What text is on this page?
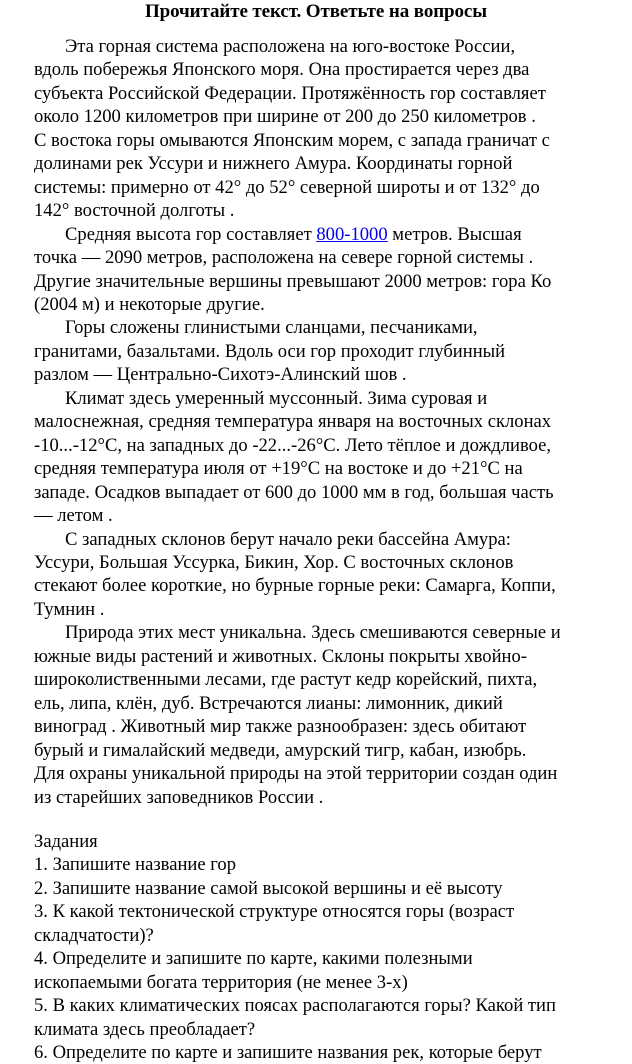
Прочитайте текст. Ответьте на вопросы

Эта горная система расположена на юго-востоке России,
вдоль побережья Японского моря. Она простирается через два
субъекта Российской Федерации. Протяжённость гор составляет
около 1200 километров при ширине от 200 до 250 километров .
С востока горы омываются Японским морем, с запада граничат с
долинами рек Уссури и нижнего Амура. Координаты горной
системы: примерно от 42° до 52° северной широты и от 132° до
142° восточной долготы .

Средняя высота гор составляет 800-1000 метров. Высшая
точка — 2090 метров, расположена на севере горной системы .
Другие значительные вершины превышают 2000 метров: гора Ко
(2004 м) и некоторые другие.

Горы сложены глинистыми сланцами, песчаниками,
гранитами, базальтами. Вдоль оси гор проходит глубинный
разлом — Центрально-Сихотэ-Алинский шов .

Климат здесь умеренный муссонный. Зима суровая и
малоснежная, средняя температура января на восточных склонах
-10...-12°C, на западных до -22...-26°C. Лето тёплое и дождливое,
средняя температура июля от +19°C на востоке и до +21°C на
западе. Осадков выпадает от 600 до 1000 мм в год, большая часть
— летом .

С западных склонов берут начало реки бассейна Амура:
Уссури, Большая Уссурка, Бикин, Хор. С восточных склонов
стекают более короткие, но бурные горные реки: Самарга, Коппи,
Тумнин .

Природа этих мест уникальна. Здесь смешиваются северные и
южные виды растений и животных. Склоны покрыты хвойно-
широколиственными лесами, где растут кедр корейский, пихта,
ель, липа, клён, дуб. Встречаются лианы: лимонник, дикий
виноград . Животный мир также разнообразен: здесь обитают
бурый и гималайский медведи, амурский тигр, кабан, изюбрь.
Для охраны уникальной природы на этой территории создан один
из старейших заповедников России .

Задания

1. Запишите название гор
2. Запишите название самой высокой вершины и её высоту
3. К какой тектонической структуре относятся горы (возраст
складчатости)?
4. Определите и запишите по карте, какими полезными
ископаемыми богата территория (не менее 3-х)
5. В каких климатических поясах располагаются горы? Какой тип
климата здесь преобладает?
6. Определите по карте и запишите названия рек, которые берут
